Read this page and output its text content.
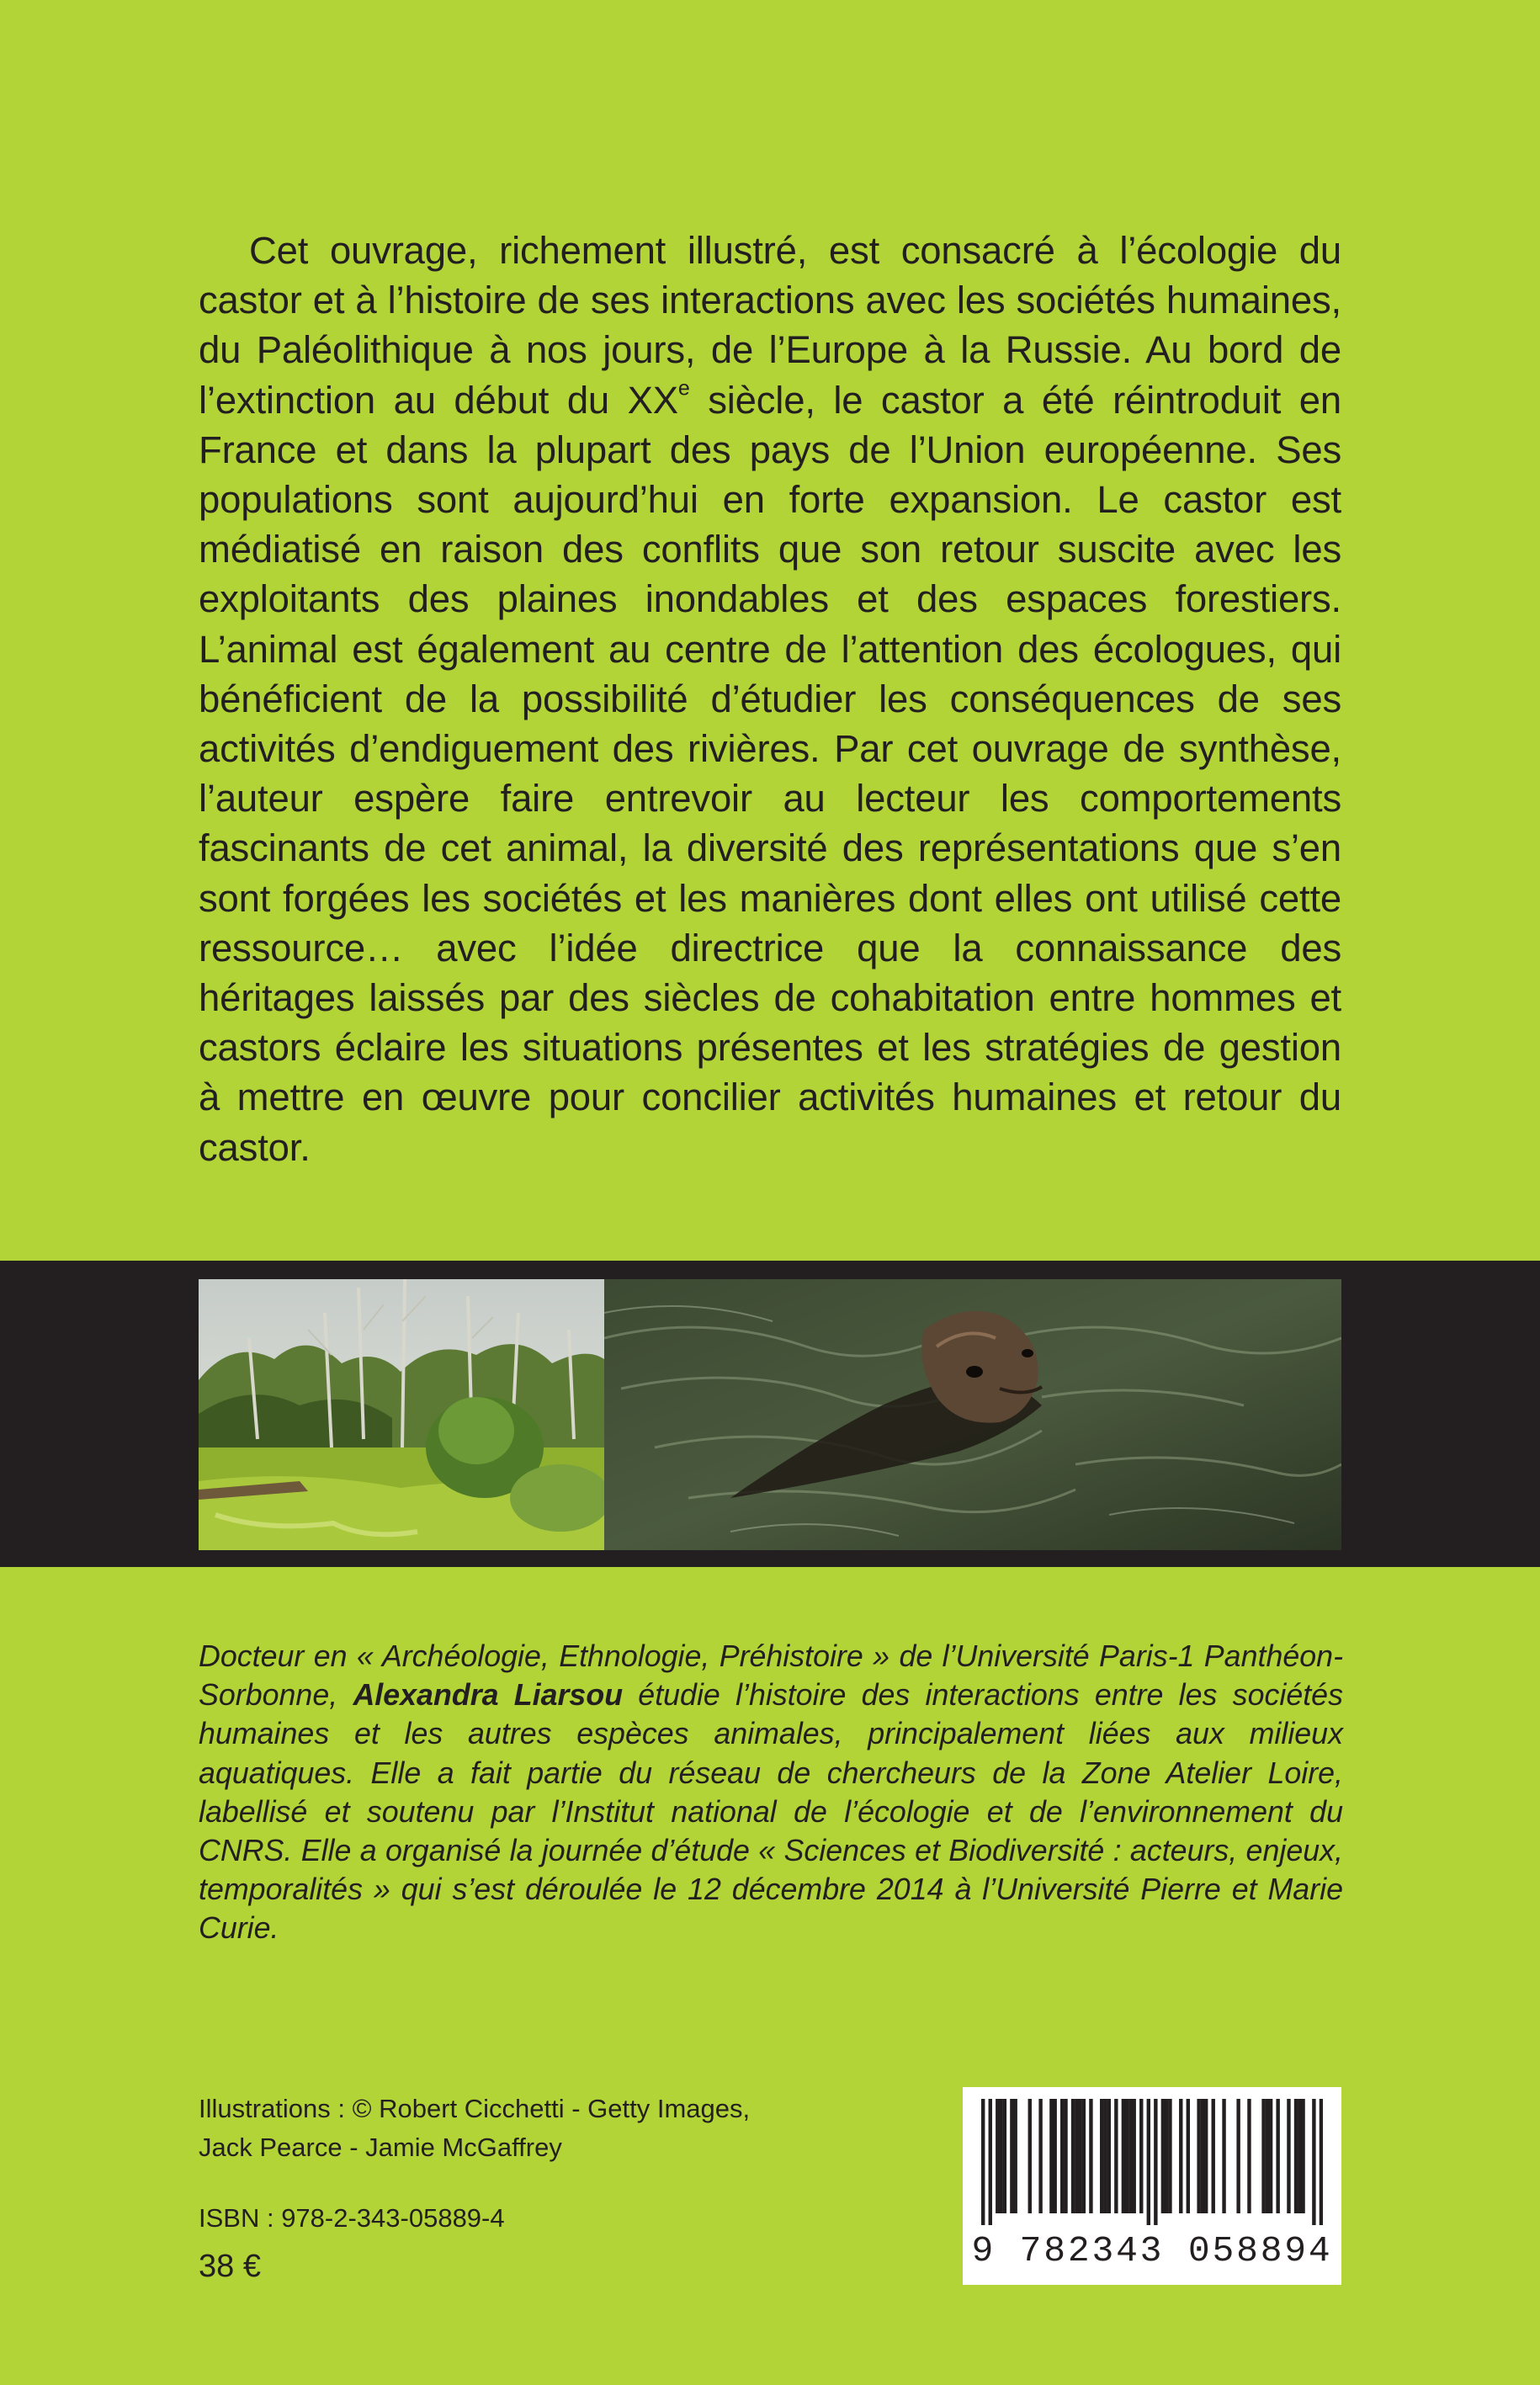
Cet ouvrage, richement illustré, est consacré à l’écologie du castor et à l’histoire de ses interactions avec les sociétés humaines, du Paléolithique à nos jours, de l’Europe à la Russie. Au bord de l’extinction au début du XXe siècle, le castor a été réintroduit en France et dans la plupart des pays de l’Union européenne. Ses populations sont aujourd’hui en forte expansion. Le castor est médiatisé en raison des conflits que son retour suscite avec les exploitants des plaines inondables et des espaces forestiers. L’animal est également au centre de l’attention des écologues, qui bénéficient de la possibilité d’étudier les conséquences de ses activités d’endiguement des rivières. Par cet ouvrage de synthèse, l’auteur espère faire entrevoir au lecteur les comportements fascinants de cet animal, la diversité des représentations que s’en sont forgées les sociétés et les manières dont elles ont utilisé cette ressource… avec l’idée directrice que la connaissance des héritages laissés par des siècles de cohabitation entre hommes et castors éclaire les situations présentes et les stratégies de gestion à mettre en œuvre pour concilier activités humaines et retour du castor.

Docteur en « Archéologie, Ethnologie, Préhistoire » de l’Université Paris-1 Panthéon-Sorbonne, Alexandra Liarsou étudie l’histoire des interactions entre les sociétés humaines et les autres espèces animales, principalement liées aux milieux aquatiques. Elle a fait partie du réseau de chercheurs de la Zone Atelier Loire, labellisé et soutenu par l’Institut national de l’écologie et de l’environnement du CNRS. Elle a organisé la journée d’étude « Sciences et Biodiversité : acteurs, enjeux, temporalités » qui s’est déroulée le 12 décembre 2014 à l’Université Pierre et Marie Curie.

Illustrations : © Robert Cicchetti - Getty Images,
Jack Pearce - Jamie McGaffrey
ISBN : 978-2-343-05889-4
38 €	9 782343 058894
